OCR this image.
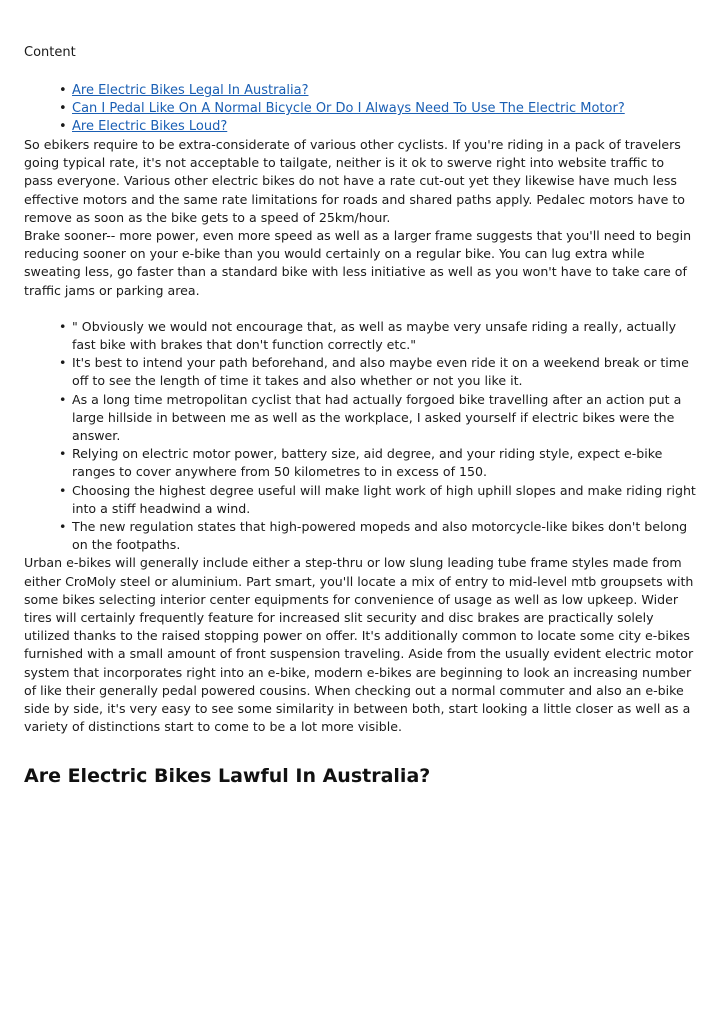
Content

• Are Electric Bikes Legal In Australia?
• Can I Pedal Like On A Normal Bicycle Or Do I Always Need To Use The Electric Motor?
• Are Electric Bikes Loud?

So ebikers require to be extra-considerate of various other cyclists. If you're riding in a pack of travelers going typical rate, it's not acceptable to tailgate, neither is it ok to swerve right into website traffic to pass everyone. Various other electric bikes do not have a rate cut-out yet they likewise have much less effective motors and the same rate limitations for roads and shared paths apply. Pedalec motors have to remove as soon as the bike gets to a speed of 25km/hour.

Brake sooner-- more power, even more speed as well as a larger frame suggests that you'll need to begin reducing sooner on your e-bike than you would certainly on a regular bike. You can lug extra while sweating less, go faster than a standard bike with less initiative as well as you won't have to take care of traffic jams or parking area.

• " Obviously we would not encourage that, as well as maybe very unsafe riding a really, actually fast bike with brakes that don't function correctly etc."
• It's best to intend your path beforehand, and also maybe even ride it on a weekend break or time off to see the length of time it takes and also whether or not you like it.
• As a long time metropolitan cyclist that had actually forgoed bike travelling after an action put a large hillside in between me as well as the workplace, I asked yourself if electric bikes were the answer.
• Relying on electric motor power, battery size, aid degree, and your riding style, expect e-bike ranges to cover anywhere from 50 kilometres to in excess of 150.
• Choosing the highest degree useful will make light work of high uphill slopes and make riding right into a stiff headwind a wind.
• The new regulation states that high-powered mopeds and also motorcycle-like bikes don't belong on the footpaths.

Urban e-bikes will generally include either a step-thru or low slung leading tube frame styles made from either CroMoly steel or aluminium. Part smart, you'll locate a mix of entry to mid-level mtb groupsets with some bikes selecting interior center equipments for convenience of usage as well as low upkeep. Wider tires will certainly frequently feature for increased slit security and disc brakes are practically solely utilized thanks to the raised stopping power on offer. It's additionally common to locate some city e-bikes furnished with a small amount of front suspension traveling. Aside from the usually evident electric motor system that incorporates right into an e-bike, modern e-bikes are beginning to look an increasing number of like their generally pedal powered cousins. When checking out a normal commuter and also an e-bike side by side, it's very easy to see some similarity in between both, start looking a little closer as well as a variety of distinctions start to come to be a lot more visible.

Are Electric Bikes Lawful In Australia?
